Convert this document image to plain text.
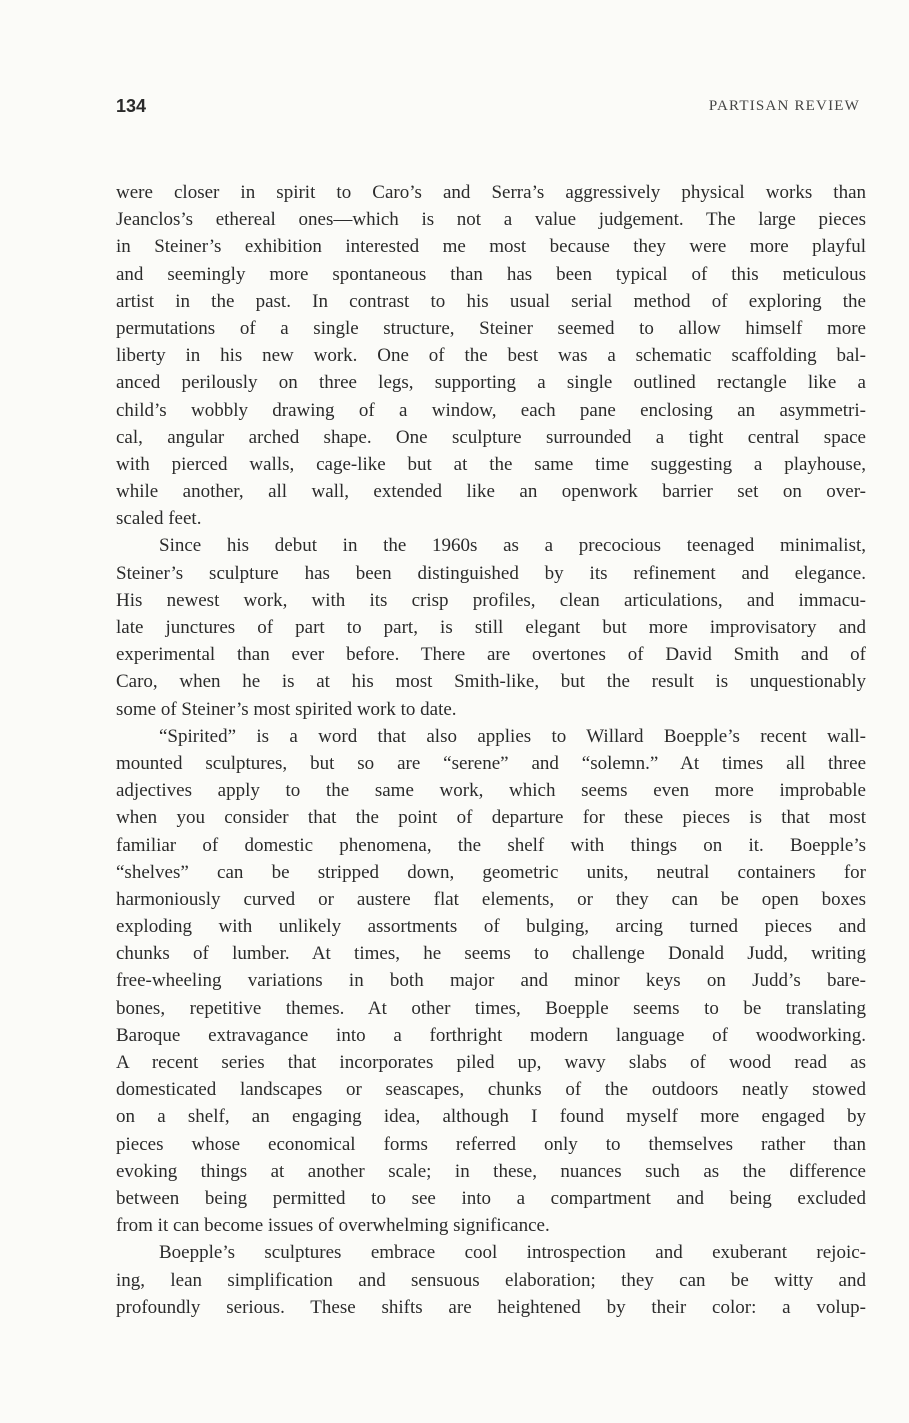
134	PARTISAN REVIEW
were closer in spirit to Caro’s and Serra’s aggressively physical works than
Jeanclos’s ethereal ones—which is not a value judgement. The large pieces
in Steiner’s exhibition interested me most because they were more playful
and seemingly more spontaneous than has been typical of this meticulous
artist in the past. In contrast to his usual serial method of exploring the
permutations of a single structure, Steiner seemed to allow himself more
liberty in his new work. One of the best was a schematic scaffolding bal-
anced perilously on three legs, supporting a single outlined rectangle like a
child’s wobbly drawing of a window, each pane enclosing an asymmetri-
cal, angular arched shape. One sculpture surrounded a tight central space
with pierced walls, cage-like but at the same time suggesting a playhouse,
while another, all wall, extended like an openwork barrier set on over-
scaled feet.
Since his debut in the 1960s as a precocious teenaged minimalist,
Steiner’s sculpture has been distinguished by its refinement and elegance.
His newest work, with its crisp profiles, clean articulations, and immacu-
late junctures of part to part, is still elegant but more improvisatory and
experimental than ever before. There are overtones of David Smith and of
Caro, when he is at his most Smith-like, but the result is unquestionably
some of Steiner’s most spirited work to date.
“Spirited” is a word that also applies to Willard Boepple’s recent wall-
mounted sculptures, but so are “serene” and “solemn.” At times all three
adjectives apply to the same work, which seems even more improbable
when you consider that the point of departure for these pieces is that most
familiar of domestic phenomena, the shelf with things on it. Boepple’s
“shelves” can be stripped down, geometric units, neutral containers for
harmoniously curved or austere flat elements, or they can be open boxes
exploding with unlikely assortments of bulging, arcing turned pieces and
chunks of lumber. At times, he seems to challenge Donald Judd, writing
free-wheeling variations in both major and minor keys on Judd’s bare-
bones, repetitive themes. At other times, Boepple seems to be translating
Baroque extravagance into a forthright modern language of woodworking.
A recent series that incorporates piled up, wavy slabs of wood read as
domesticated landscapes or seascapes, chunks of the outdoors neatly stowed
on a shelf, an engaging idea, although I found myself more engaged by
pieces whose economical forms referred only to themselves rather than
evoking things at another scale; in these, nuances such as the difference
between being permitted to see into a compartment and being excluded
from it can become issues of overwhelming significance.
Boepple’s sculptures embrace cool introspection and exuberant rejoic-
ing, lean simplification and sensuous elaboration; they can be witty and
profoundly serious. These shifts are heightened by their color: a volup-
